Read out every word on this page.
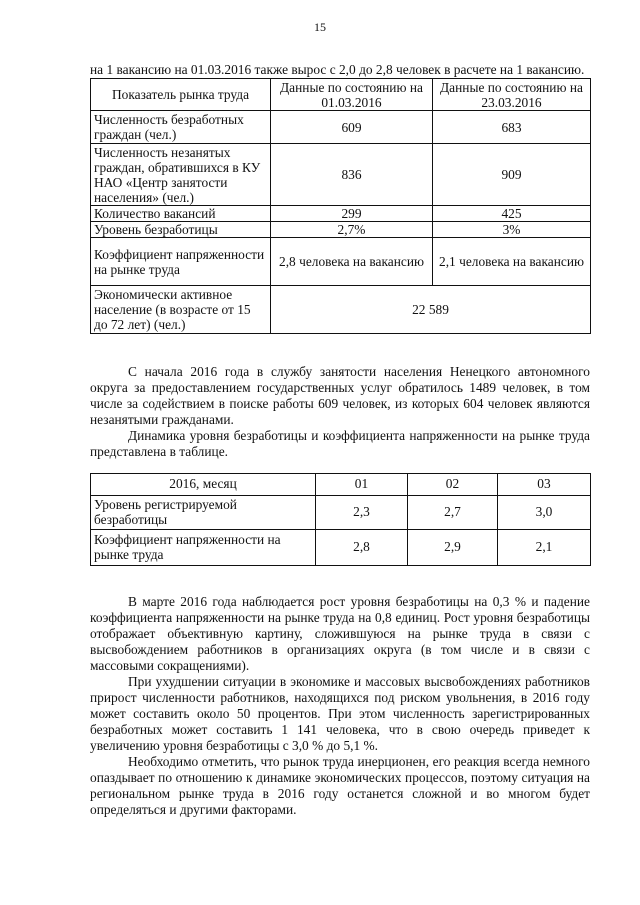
15

на 1 вакансию на 01.03.2016 также вырос с 2,0 до 2,8 человек в расчете на 1 вакансию.

Показатель рынка труда	Данные по состоянию на 01.03.2016	Данные по состоянию на 23.03.2016
Численность безработных граждан (чел.)	609	683
Численность незанятых граждан, обратившихся в КУ НАО «Центр занятости населения» (чел.)	836	909
Количество вакансий	299	425
Уровень безработицы	2,7%	3%
Коэффициент напряженности на рынке труда	2,8 человека на вакансию	2,1 человека на вакансию
Экономически активное население (в возрасте от 15 до 72 лет) (чел.)	22 589	

С начала 2016 года в службу занятости населения Ненецкого автономного округа за предоставлением государственных услуг обратилось 1489 человек, в том числе за содействием в поиске работы 609 человек, из которых 604 человек являются незанятыми гражданами.

Динамика уровня безработицы и коэффициента напряженности на рынке труда представлена в таблице.

2016, месяц	01	02	03
Уровень регистрируемой безработицы	2,3	2,7	3,0
Коэффициент напряженности на рынке труда	2,8	2,9	2,1

В марте 2016 года наблюдается рост уровня безработицы на 0,3 % и падение коэффициента напряженности на рынке труда на 0,8 единиц. Рост уровня безработицы отображает объективную картину, сложившуюся на рынке труда в связи с высвобождением работников в организациях округа (в том числе и в связи с массовыми сокращениями).

При ухудшении ситуации в экономике и массовых высвобождениях работников прирост численности работников, находящихся под риском увольнения, в 2016 году может составить около 50 процентов. При этом численность зарегистрированных безработных может составить 1 141 человека, что в свою очередь приведет к увеличению уровня безработицы с 3,0 % до 5,1 %.

Необходимо отметить, что рынок труда инерционен, его реакция всегда немного опаздывает по отношению к динамике экономических процессов, поэтому ситуация на региональном рынке труда в 2016 году останется сложной и во многом будет определяться и другими факторами.
